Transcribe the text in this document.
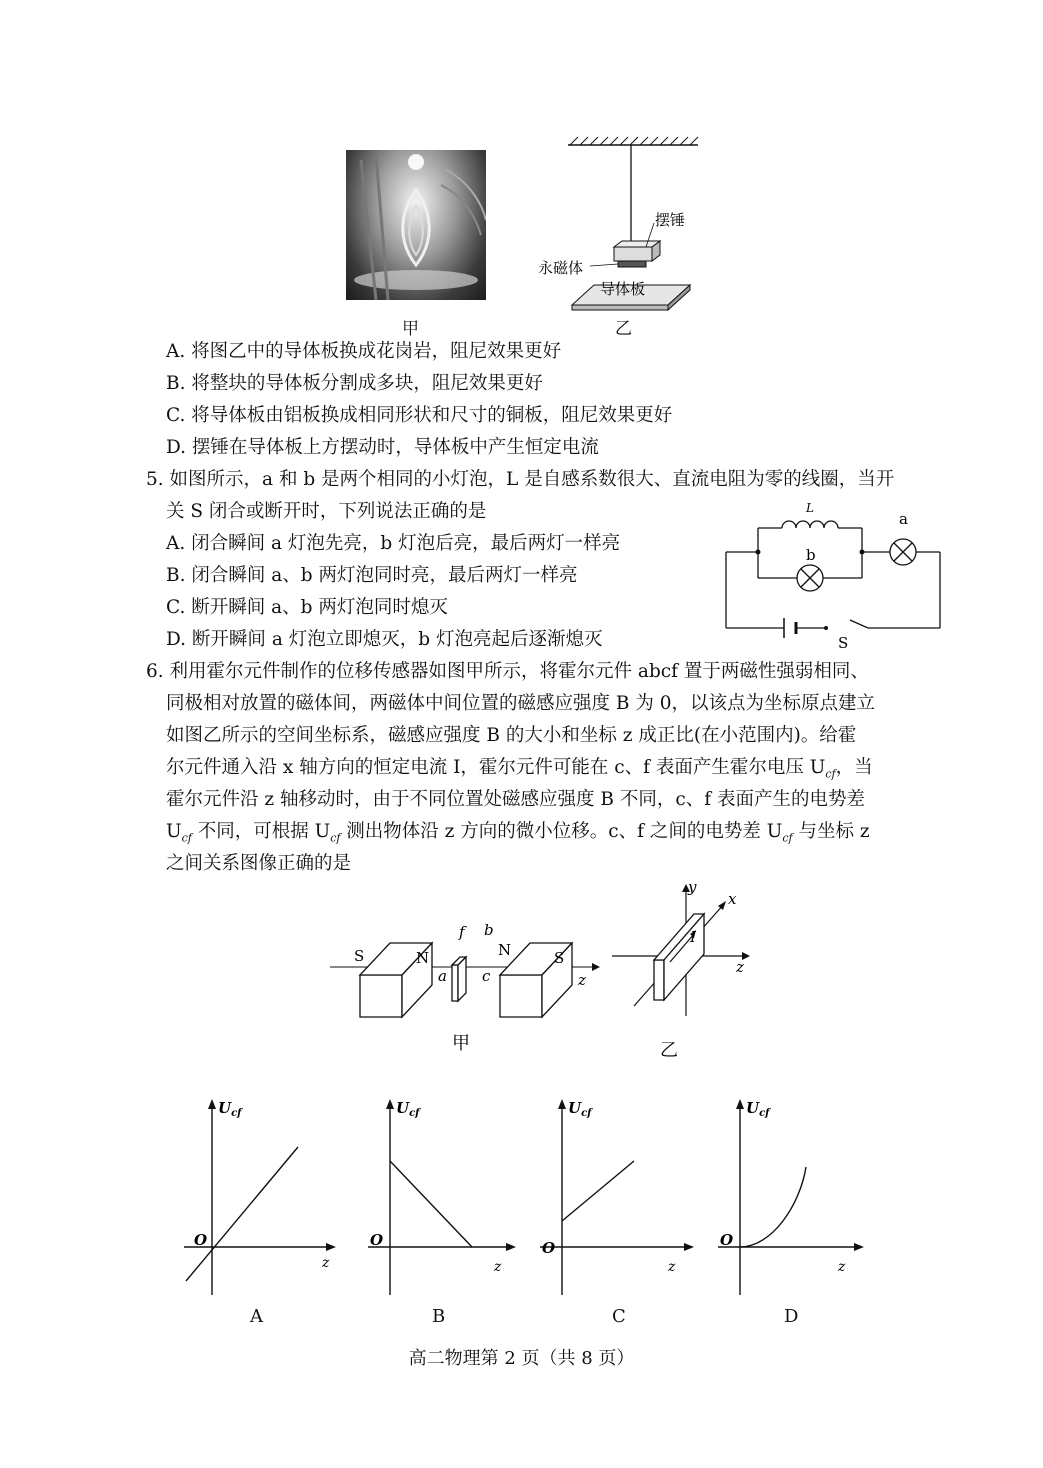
甲
摆锤
永磁体
导体板
乙
A. 将图乙中的导体板换成花岗岩，阻尼效果更好
B. 将整块的导体板分割成多块，阻尼效果更好
C. 将导体板由铝板换成相同形状和尺寸的铜板，阻尼效果更好
D. 摆锤在导体板上方摆动时，导体板中产生恒定电流
5. 如图所示，a 和 b 是两个相同的小灯泡，L 是自感系数很大、直流电阻为零的线圈，当开
关 S 闭合或断开时，下列说法正确的是
A. 闭合瞬间 a 灯泡先亮，b 灯泡后亮，最后两灯一样亮
B. 闭合瞬间 a、b 两灯泡同时亮，最后两灯一样亮
C. 断开瞬间 a、b 两灯泡同时熄灭
D. 断开瞬间 a 灯泡立即熄灭，b 灯泡亮起后逐渐熄灭
L
a
b
S
6. 利用霍尔元件制作的位移传感器如图甲所示，将霍尔元件 abcf 置于两磁性强弱相同、
同极相对放置的磁体间，两磁体中间位置的磁感应强度 B 为 0，以该点为坐标原点建立
如图乙所示的空间坐标系，磁感应强度 B 的大小和坐标 z 成正比(在小范围内)。给霍
尔元件通入沿 x 轴方向的恒定电流 I，霍尔元件可能在 c、f 表面产生霍尔电压 $U_{cf}$，当
霍尔元件沿 z 轴移动时，由于不同位置处磁感应强度 B 不同，c、f 表面产生的电势差
$U_{cf}$ 不同，可根据 $U_{cf}$ 测出物体沿 z 方向的微小位移。c、f 之间的电势差 $U_{cf}$ 与坐标 z
之间关系图像正确的是
S	N
f b
N	S
a c	z
甲
y
x
I
z
乙
$U_{cf}$
O
z
A
$U_{cf}$
O
z
B
$U_{cf}$
O
z
C
$U_{cf}$
O
z
D
高二物理第 2 页（共 8 页）
